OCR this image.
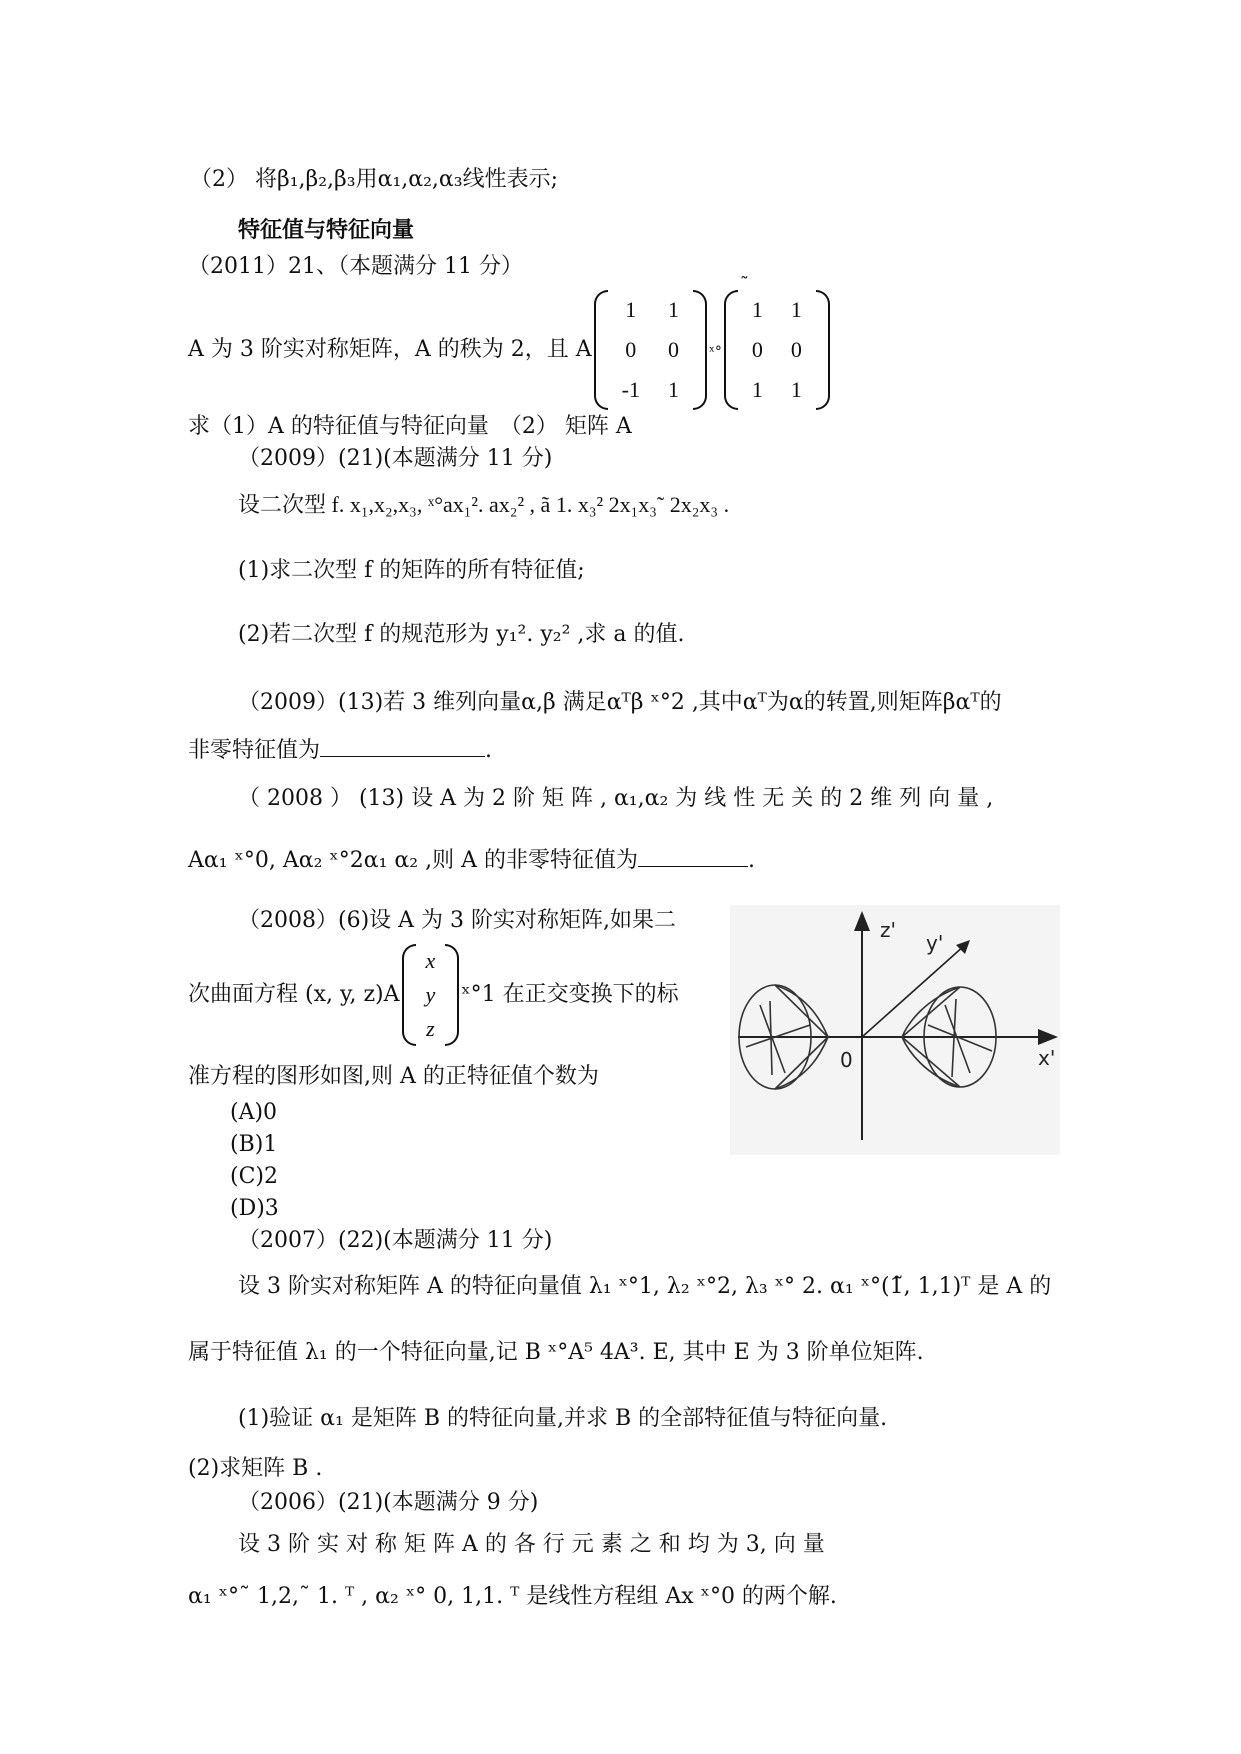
（2） 将β₁,β₂,β₃用α₁,α₂,α₃线性表示;
特征值与特征向量
（2011）21、（本题满分 11 分）
A 为 3 阶实对称矩阵，A 的秩为 2，且 A
1	1
0	0
-1	1
ˣ°
˜
1	1
0	0
1	1
求（1）A 的特征值与特征向量　（2） 矩阵 A
（2009）(21)(本题满分 11 分)
设二次型 f. x₁,x₂,x₃, ˣ°ax₁². ax₂² , ã 1. x₃² 2x₁x₃˜ 2x₂x₃ .
(1)求二次型 f 的矩阵的所有特征值;
(2)若二次型 f 的规范形为 y₁². y₂² ,求 a 的值.
（2009）(13)若 3 维列向量α,β 满足αᵀβ ˣ°2 ,其中αᵀ为α的转置,则矩阵βαᵀ的
非零特征值为	.
（ 2008 ） (13) 设 A 为 2 阶 矩 阵 , α₁,α₂ 为 线 性 无 关 的 2 维 列 向 量 ,
Aα₁ ˣ°0, Aα₂ ˣ°2α₁ α₂ ,则 A 的非零特征值为	.
（2008）(6)设 A 为 3 阶实对称矩阵,如果二
次曲面方程 (x, y, z)A
x
y
z
ˣ°1 在正交变换下的标
准方程的图形如图,则 A 的正特征值个数为
(A)0
(B)1
(C)2
(D)3
z'
y'
x'
0
（2007）(22)(本题满分 11 分)
设 3 阶实对称矩阵 A 的特征向量值 λ₁ ˣ°1, λ₂ ˣ°2, λ₃ ˣ° 2. α₁ ˣ°(1̃, 1,1)ᵀ 是 A 的
属于特征值 λ₁ 的一个特征向量,记 B ˣ°A⁵ 4A³. E, 其中 E 为 3 阶单位矩阵.
(1)验证 α₁ 是矩阵 B 的特征向量,并求 B 的全部特征值与特征向量.
(2)求矩阵 B .
（2006）(21)(本题满分 9 分)
设 3 阶 实 对 称 矩 阵 A 的 各 行 元 素 之 和 均 为 3, 向 量
α₁ ˣ°˜ 1,2,˜ 1. ᵀ , α₂ ˣ° 0, 1,1. ᵀ 是线性方程组 Ax ˣ°0 的两个解.
